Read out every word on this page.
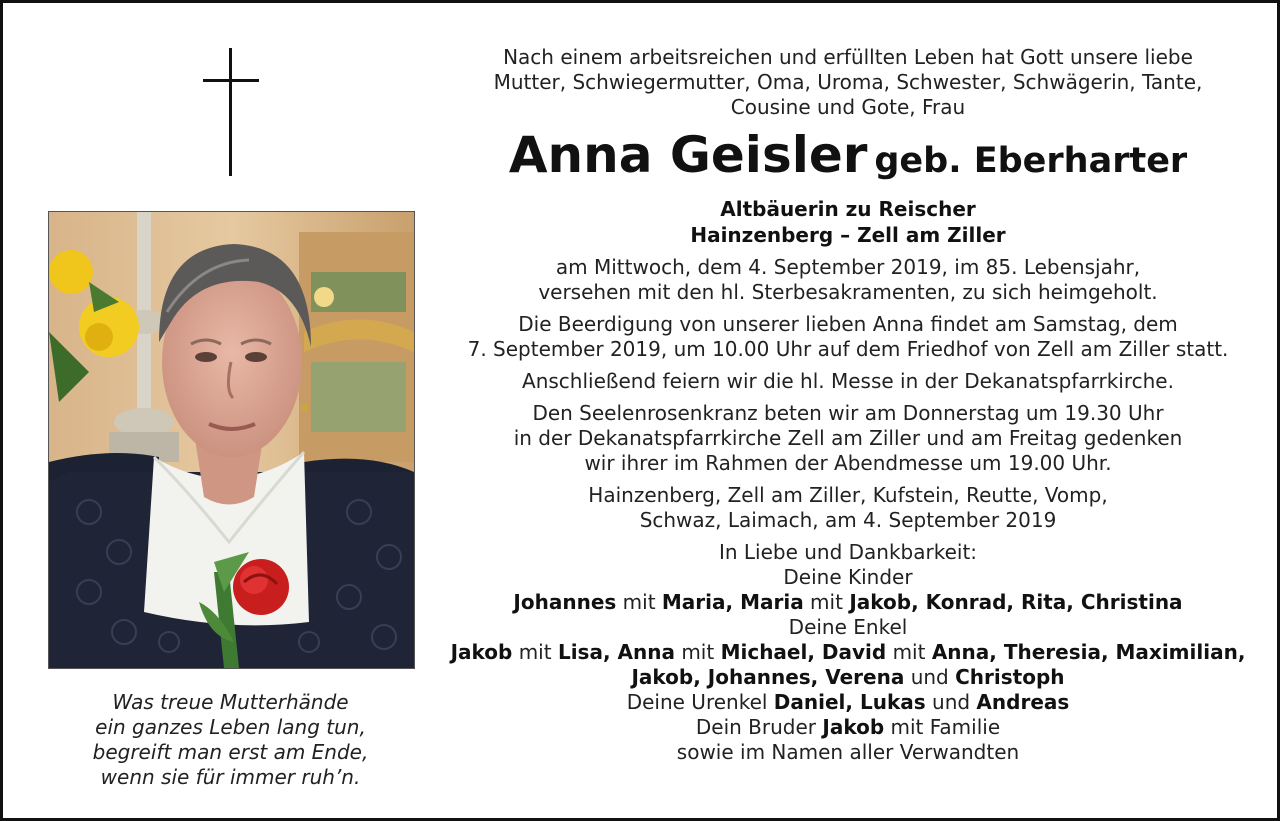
Was treue Mutterhände
ein ganzes Leben lang tun,
begreift man erst am Ende,
wenn sie für immer ruh’n.

Nach einem arbeitsreichen und erfüllten Leben hat Gott unsere liebe
Mutter, Schwiegermutter, Oma, Uroma, Schwester, Schwägerin, Tante,
Cousine und Gote, Frau

Anna Geisler geb. Eberharter

Altbäuerin zu Reischer
Hainzenberg – Zell am Ziller

am Mittwoch, dem 4. September 2019, im 85. Lebensjahr,
versehen mit den hl. Sterbesakramenten, zu sich heimgeholt.

Die Beerdigung von unserer lieben Anna findet am Samstag, dem
7. September 2019, um 10.00 Uhr auf dem Friedhof von Zell am Ziller statt.

Anschließend feiern wir die hl. Messe in der Dekanatspfarrkirche.

Den Seelenrosenkranz beten wir am Donnerstag um 19.30 Uhr
in der Dekanatspfarrkirche Zell am Ziller und am Freitag gedenken
wir ihrer im Rahmen der Abendmesse um 19.00 Uhr.

Hainzenberg, Zell am Ziller, Kufstein, Reutte, Vomp,
Schwaz, Laimach, am 4. September 2019

In Liebe und Dankbarkeit:
Deine Kinder
Johannes mit Maria, Maria mit Jakob, Konrad, Rita, Christina
Deine Enkel
Jakob mit Lisa, Anna mit Michael, David mit Anna, Theresia, Maximilian,
Jakob, Johannes, Verena und Christoph
Deine Urenkel Daniel, Lukas und Andreas
Dein Bruder Jakob mit Familie
sowie im Namen aller Verwandten
